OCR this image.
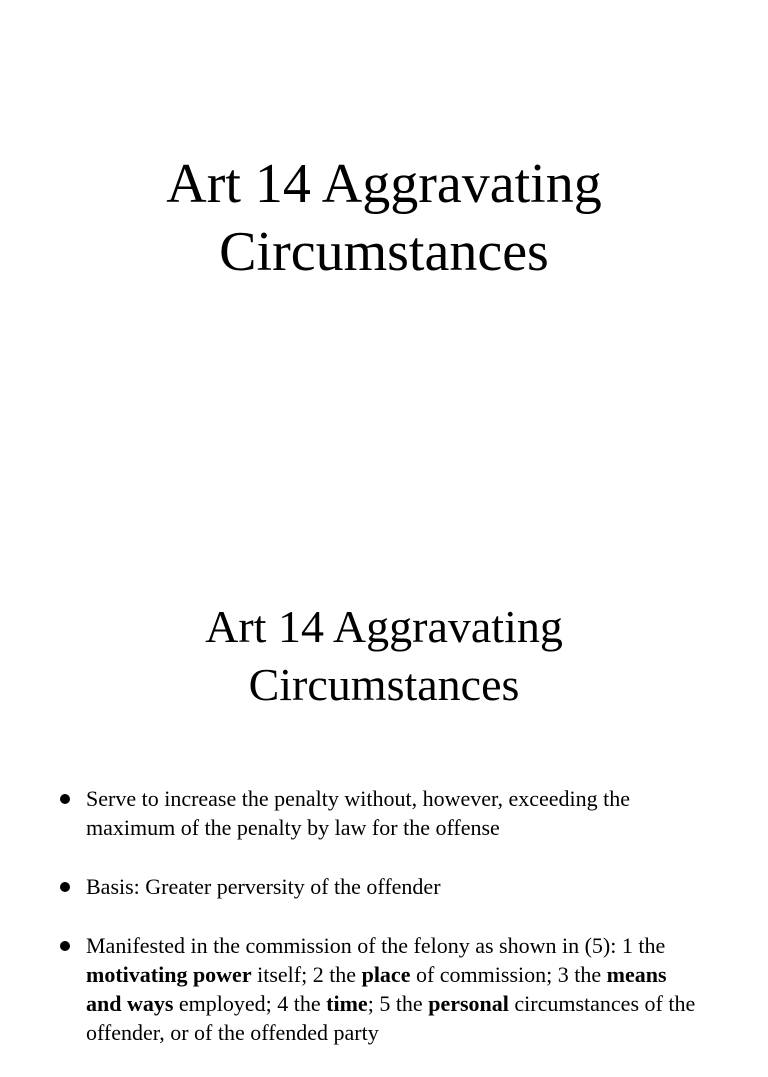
Art 14 Aggravating
Circumstances
Art 14 Aggravating
Circumstances
Serve to increase the penalty without, however, exceeding the maximum of the penalty by law for the offense
Basis: Greater perversity of the offender
Manifested in the commission of the felony as shown in (5): 1 the motivating power itself; 2 the place of commission; 3 the means and ways employed; 4 the time; 5 the personal circumstances of the offender, or of the offended party
